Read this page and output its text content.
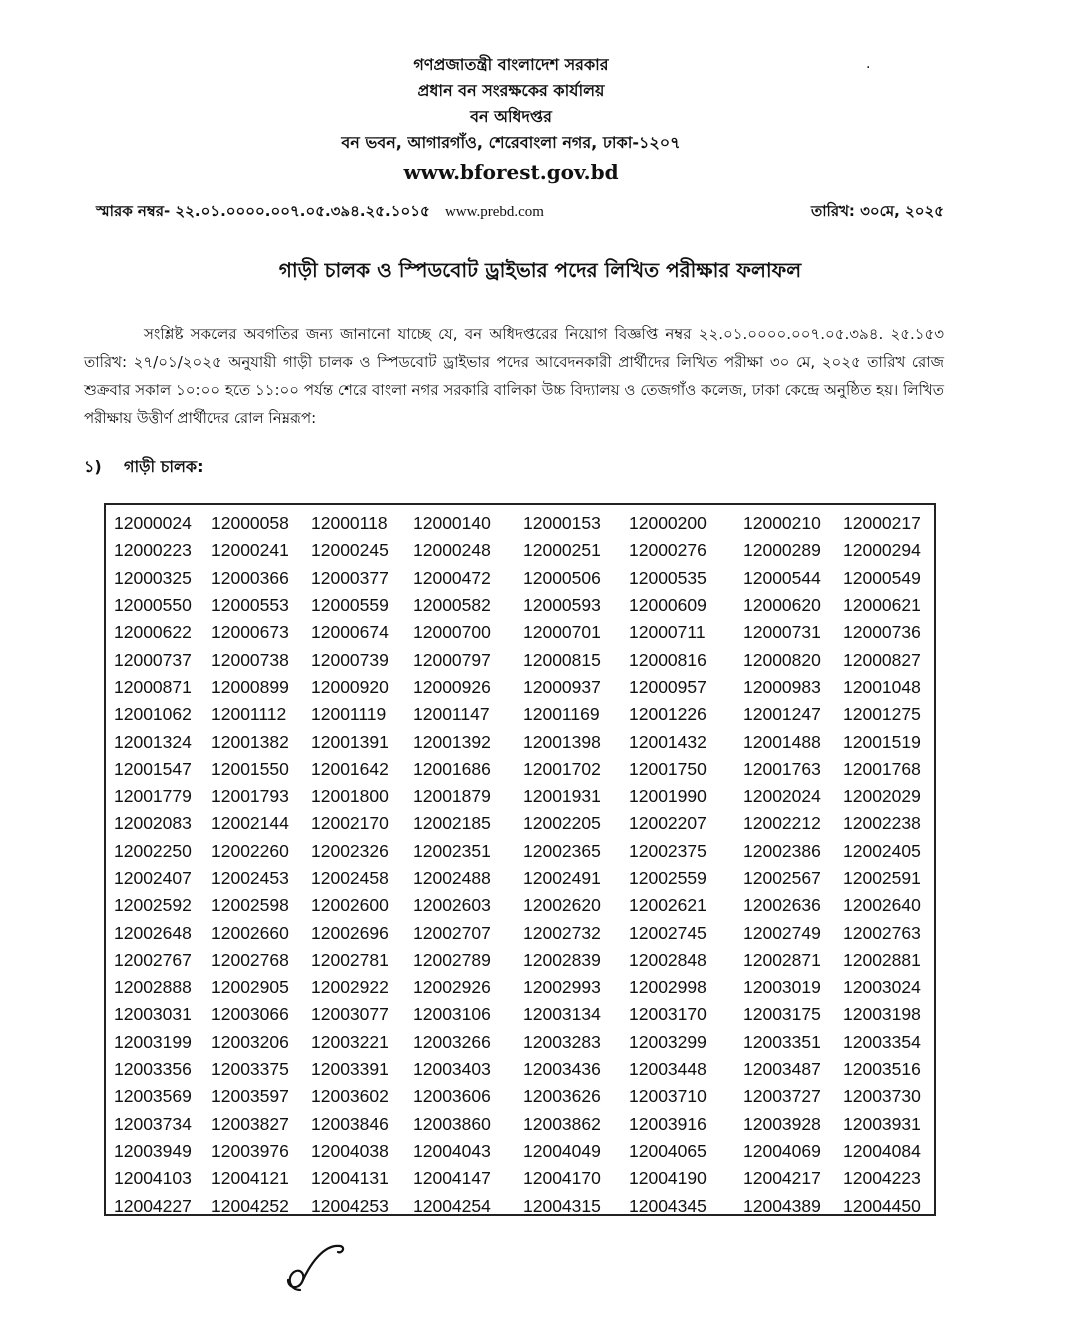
গণপ্রজাতন্ত্রী বাংলাদেশ সরকার
প্রধান বন সংরক্ষকের কার্যালয়
বন অধিদপ্তর
বন ভবন, আগারগাঁও, শেরেবাংলা নগর, ঢাকা-১২০৭
www.bforest.gov.bd
·
স্মারক নম্বর- ২২.০১.০০০০.০০৭.০৫.৩৯৪.২৫.১০১৫ www.prebd.com	তারিখ: ৩০মে, ২০২৫
গাড়ী চালক ও স্পিডবোট ড্রাইভার পদের লিখিত পরীক্ষার ফলাফল
সংশ্লিষ্ট সকলের অবগতির জন্য জানানো যাচ্ছে যে, বন অধিদপ্তরের নিয়োগ বিজ্ঞপ্তি নম্বর ২২.০১.০০০০.০০৭.০৫.৩৯৪. ২৫.১৫৩ তারিখ: ২৭/০১/২০২৫ অনুযায়ী গাড়ী চালক ও স্পিডবোট ড্রাইভার পদের আবেদনকারী প্রার্থীদের লিখিত পরীক্ষা ৩০ মে, ২০২৫ তারিখ রোজ শুক্রবার সকাল ১০:০০ হতে ১১:০০ পর্যন্ত শেরে বাংলা নগর সরকারি বালিকা উচ্চ বিদ্যালয় ও তেজগাঁও কলেজ, ঢাকা কেন্দ্রে অনুষ্ঠিত হয়। লিখিত পরীক্ষায় উত্তীর্ণ প্রার্থীদের রোল নিম্নরূপ:
১) গাড়ী চালক:
12000024	12000058	12000118	12000140	12000153	12000200	12000210	12000217
12000223	12000241	12000245	12000248	12000251	12000276	12000289	12000294
12000325	12000366	12000377	12000472	12000506	12000535	12000544	12000549
12000550	12000553	12000559	12000582	12000593	12000609	12000620	12000621
12000622	12000673	12000674	12000700	12000701	12000711	12000731	12000736
12000737	12000738	12000739	12000797	12000815	12000816	12000820	12000827
12000871	12000899	12000920	12000926	12000937	12000957	12000983	12001048
12001062	12001112	12001119	12001147	12001169	12001226	12001247	12001275
12001324	12001382	12001391	12001392	12001398	12001432	12001488	12001519
12001547	12001550	12001642	12001686	12001702	12001750	12001763	12001768
12001779	12001793	12001800	12001879	12001931	12001990	12002024	12002029
12002083	12002144	12002170	12002185	12002205	12002207	12002212	12002238
12002250	12002260	12002326	12002351	12002365	12002375	12002386	12002405
12002407	12002453	12002458	12002488	12002491	12002559	12002567	12002591
12002592	12002598	12002600	12002603	12002620	12002621	12002636	12002640
12002648	12002660	12002696	12002707	12002732	12002745	12002749	12002763
12002767	12002768	12002781	12002789	12002839	12002848	12002871	12002881
12002888	12002905	12002922	12002926	12002993	12002998	12003019	12003024
12003031	12003066	12003077	12003106	12003134	12003170	12003175	12003198
12003199	12003206	12003221	12003266	12003283	12003299	12003351	12003354
12003356	12003375	12003391	12003403	12003436	12003448	12003487	12003516
12003569	12003597	12003602	12003606	12003626	12003710	12003727	12003730
12003734	12003827	12003846	12003860	12003862	12003916	12003928	12003931
12003949	12003976	12004038	12004043	12004049	12004065	12004069	12004084
12004103	12004121	12004131	12004147	12004170	12004190	12004217	12004223
12004227	12004252	12004253	12004254	12004315	12004345	12004389	12004450
